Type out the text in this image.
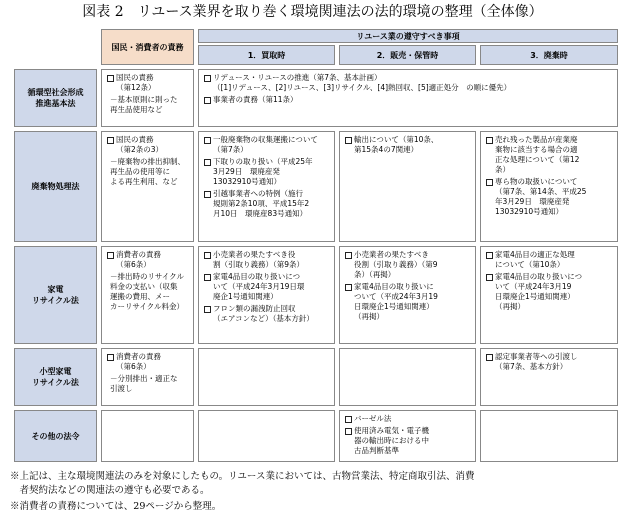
図表 2　リユース業界を取り巻く環境関連法の法的環境の整理（全体像）
国民・消費者の責務
リユース業の遵守すべき事項
1．買取時	2．販売・保管時	3．廃棄時
循環型社会形成
推進基本法
廃棄物処理法
家電
リサイクル法
小型家電
リサイクル法
その他の法令
国民の責務
（第12条）
－基本原則に則った
再生品使用など
リデュース・リユースの推進（第7条、基本計画）
（[1]リデュース、[2]リユース、[3]リサイクル、[4]熱回収、[5]適正処分　の順に優先）
事業者の責務（第11条）
国民の責務
（第2条の3）
－廃棄物の排出抑制、
再生品の使用等に
よる再生利用、など
一般廃棄物の収集運搬について
（第7条）
下取りの取り扱い（平成25年
3月29日　環廃産発
13032910号通知）
引越事業者への特例（施行
規則第2条10項、平成15年2
月10日　環廃産83号通知）
輸出について（第10条、
第15条4の7関連）
売れ残った製品が産業廃
棄物に該当する場合の適
正な処理について（第12
条）
専ら物の取扱いについて
（第7条、第14条、平成25
年3月29日　環廃産発
13032910号通知）
消費者の責務
（第6条）
－排出時のリサイクル
料金の支払い（収集
運搬の費用、メー
カーリサイクル料金）
小売業者の果たすべき役
割（引取り義務）（第9条）
家電4品目の取り扱いにつ
いて（平成24年3月19日環
廃企1号通知関連）
フロン類の漏洩防止回収
（エアコンなど）（基本方針）
小売業者の果たすべき
役割（引取り義務）（第9
条）（再掲）
家電4品目の取り扱いに
ついて（平成24年3月19
日環廃企1号通知関連）
（再掲）
家電4品目の適正な処理
について（第10条）
家電4品目の取り扱いにつ
いて（平成24年3月19
日環廃企1号通知関連）
（再掲）
消費者の責務
（第6条）
－分別排出・適正な
引渡し
認定事業者等への引渡し
（第7条、基本方針）
バーゼル法
使用済み電気・電子機
器の輸出時における中
古品判断基準
※上記は、主な環境関連法のみを対象にしたもの。リユース業においては、古物営業法、特定商取引法、消費
　者契約法などの関連法の遵守も必要である。
※消費者の責務については、29ページから整理。
